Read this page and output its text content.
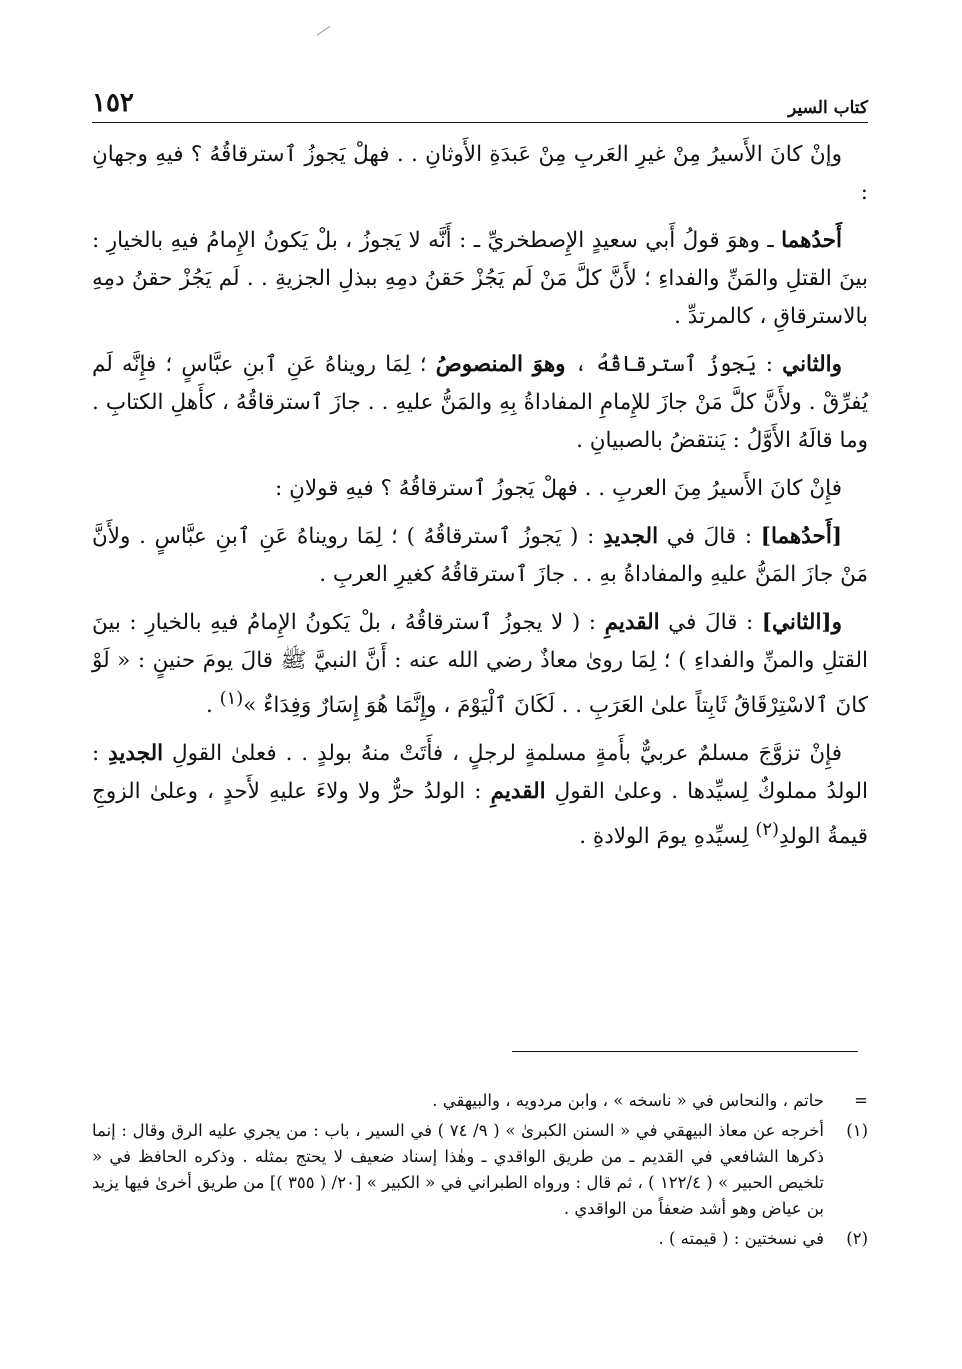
١٥٢	كتاب السير

وإنْ كانَ الأَسيرُ مِنْ غيرِ العَربِ مِنْ عَبدَةِ الأَوثانِ . . فهلْ يَجوزُ ٱسترقاقُهُ ؟ فيهِ وجهانِ :

أَحدُهما ـ وهوَ قولُ أَبي سعيدٍ الإِصطخريِّ ـ : أَنَّه لا يَجوزُ ، بلْ يَكونُ الإِمامُ فيهِ بالخيارِ : بينَ القتلِ والمَنِّ والفداءِ ؛ لأَنَّ كلَّ مَنْ لَم يَجُزْ حَقنُ دمِهِ ببذلِ الجزيةِ . . لَم يَجُزْ حقنُ دمِهِ بالاسترقاقِ ، كالمرتدِّ .

والثاني : يَجوزُ ٱسترقاقُهُ ، وهوَ المنصوصُ ؛ لِمَا رويناهُ عَنِ ٱبنِ عبَّاسٍ ؛ فإِنَّه لَم يُفرِّقْ . ولأَنَّ كلَّ مَنْ جازَ للإِمامِ المفاداةُ بِهِ والمَنُّ عليهِ . . جازَ ٱسترقاقُهُ ، كأَهلِ الكتابِ . وما قالَهُ الأَوَّلُ : يَنتقضُ بالصبيانِ .

فإِنْ كانَ الأَسيرُ مِنَ العربِ . . فهلْ يَجوزُ ٱسترقاقُهُ ؟ فيهِ قولانِ :

[أَحدُهما] : قالَ في الجديدِ : ( يَجوزُ ٱسترقاقُهُ ) ؛ لِمَا رويناهُ عَنِ ٱبنِ عبَّاسٍ . ولأَنَّ مَنْ جازَ المَنُّ عليهِ والمفاداةُ بهِ . . جازَ ٱسترقاقُهُ كغيرِ العربِ .

و[الثاني] : قالَ في القديمِ : ( لا يجوزُ ٱسترقاقُهُ ، بلْ يَكونُ الإِمامُ فيهِ بالخيارِ : بينَ القتلِ والمنِّ والفداءِ ) ؛ لِمَا روىٰ معاذٌ رضي الله عنه : أَنَّ النبيَّ ﷺ قالَ يومَ حنينٍ : « لَوْ كانَ ٱلاسْتِرْقَاقُ ثَابِتاً علىٰ العَرَبِ . . لَكَانَ ٱلْيَوْمَ ، وإِنَّمَا هُوَ إِسَارٌ وَفِدَاءٌ »$^{(١)}$ .

فإِنْ تزوَّجَ مسلمٌ عربيٌّ بأَمةٍ مسلمةٍ لرجلٍ ، فأَتَتْ منهُ بولدٍ . . فعلىٰ القولِ الجديدِ : الولدُ مملوكٌ لِسيِّدها . وعلىٰ القولِ القديمِ : الولدُ حرٌّ ولا ولاءَ عليهِ لأَحدٍ ، وعلىٰ الزوجِ قيمةُ الولدِ$^{(٢)}$ لِسيِّدهِ يومَ الولادةِ .

=
حاتم ، والنحاس في « ناسخه » ، وابن مردويه ، والبيهقي .
(١)
أخرجه عن معاذ البيهقي في « السنن الكبرىٰ » ( ٩/ ٧٤ ) في السير ، باب : من يجري عليه الرق وقال : إنما ذكرها الشافعي في القديم ـ من طريق الواقدي ـ وهٰذا إسناد ضعيف لا يحتج بمثله . وذكره الحافظ في « تلخيص الحبير » ( ١٢٢/٤ ) ، ثم قال : ورواه الطبراني في « الكبير » [٢٠/ ( ٣٥٥ )] من طريق أخرىٰ فيها يزيد بن عياض وهو أشد ضعفاً من الواقدي .
(٢)
في نسختين : ( قيمته ) .
